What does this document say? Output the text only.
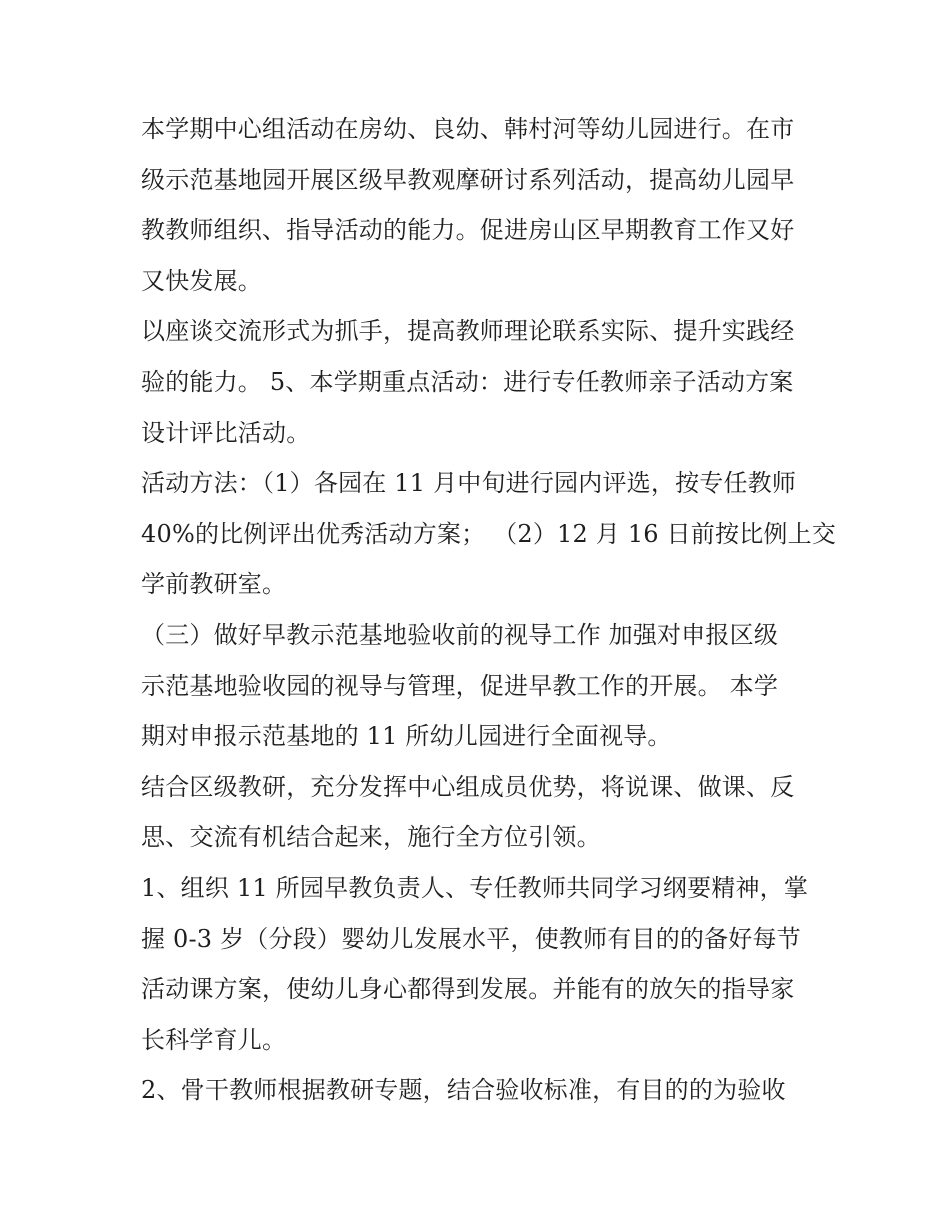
本学期中心组活动在房幼、良幼、韩村河等幼儿园进行。在市
级示范基地园开展区级早教观摩研讨系列活动，提高幼儿园早
教教师组织、指导活动的能力。促进房山区早期教育工作又好
又快发展。
以座谈交流形式为抓手，提高教师理论联系实际、提升实践经
验的能力。 5、本学期重点活动：进行专任教师亲子活动方案
设计评比活动。
活动方法：（1）各园在 11 月中旬进行园内评选，按专任教师
40%的比例评出优秀活动方案； （2）12 月 16 日前按比例上交
学前教研室。
（三）做好早教示范基地验收前的视导工作 加强对申报区级
示范基地验收园的视导与管理，促进早教工作的开展。 本学
期对申报示范基地的 11 所幼儿园进行全面视导。
结合区级教研，充分发挥中心组成员优势，将说课、做课、反
思、交流有机结合起来，施行全方位引领。
1、组织 11 所园早教负责人、专任教师共同学习纲要精神，掌
握 0-3 岁（分段）婴幼儿发展水平，使教师有目的的备好每节
活动课方案，使幼儿身心都得到发展。并能有的放矢的指导家
长科学育儿。
2、骨干教师根据教研专题，结合验收标准，有目的的为验收
